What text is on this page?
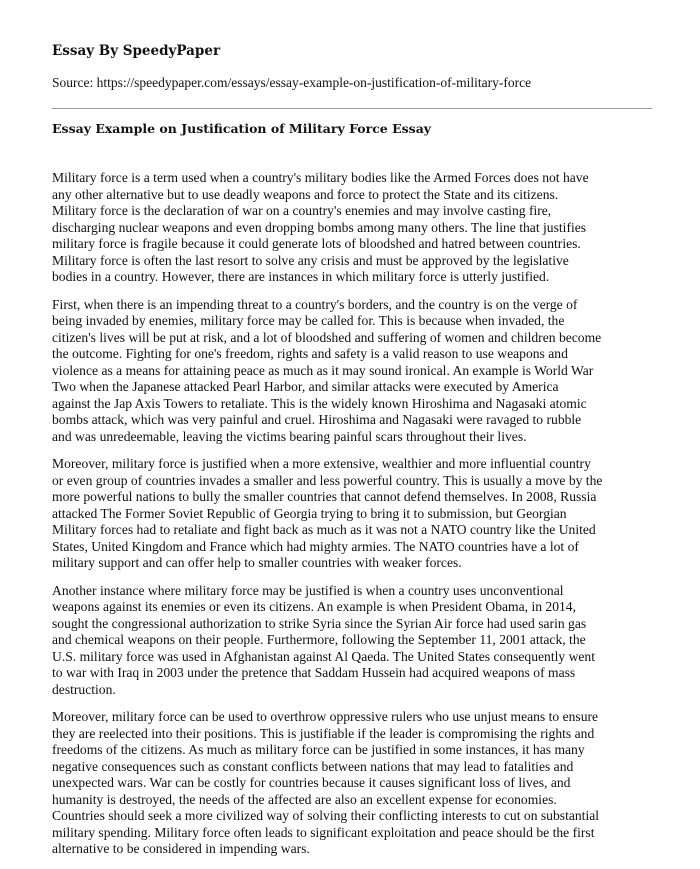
Essay By SpeedyPaper
Source: https://speedypaper.com/essays/essay-example-on-justification-of-military-force
Essay Example on Justification of Military Force Essay

Military force is a term used when a country's military bodies like the Armed Forces does not have
any other alternative but to use deadly weapons and force to protect the State and its citizens.
Military force is the declaration of war on a country's enemies and may involve casting fire,
discharging nuclear weapons and even dropping bombs among many others. The line that justifies
military force is fragile because it could generate lots of bloodshed and hatred between countries.
Military force is often the last resort to solve any crisis and must be approved by the legislative
bodies in a country. However, there are instances in which military force is utterly justified.

First, when there is an impending threat to a country's borders, and the country is on the verge of
being invaded by enemies, military force may be called for. This is because when invaded, the
citizen's lives will be put at risk, and a lot of bloodshed and suffering of women and children become
the outcome. Fighting for one's freedom, rights and safety is a valid reason to use weapons and
violence as a means for attaining peace as much as it may sound ironical. An example is World War
Two when the Japanese attacked Pearl Harbor, and similar attacks were executed by America
against the Jap Axis Towers to retaliate. This is the widely known Hiroshima and Nagasaki atomic
bombs attack, which was very painful and cruel. Hiroshima and Nagasaki were ravaged to rubble
and was unredeemable, leaving the victims bearing painful scars throughout their lives.

Moreover, military force is justified when a more extensive, wealthier and more influential country
or even group of countries invades a smaller and less powerful country. This is usually a move by the
more powerful nations to bully the smaller countries that cannot defend themselves. In 2008, Russia
attacked The Former Soviet Republic of Georgia trying to bring it to submission, but Georgian
Military forces had to retaliate and fight back as much as it was not a NATO country like the United
States, United Kingdom and France which had mighty armies. The NATO countries have a lot of
military support and can offer help to smaller countries with weaker forces.

Another instance where military force may be justified is when a country uses unconventional
weapons against its enemies or even its citizens. An example is when President Obama, in 2014,
sought the congressional authorization to strike Syria since the Syrian Air force had used sarin gas
and chemical weapons on their people. Furthermore, following the September 11, 2001 attack, the
U.S. military force was used in Afghanistan against Al Qaeda. The United States consequently went
to war with Iraq in 2003 under the pretence that Saddam Hussein had acquired weapons of mass
destruction.

Moreover, military force can be used to overthrow oppressive rulers who use unjust means to ensure
they are reelected into their positions. This is justifiable if the leader is compromising the rights and
freedoms of the citizens. As much as military force can be justified in some instances, it has many
negative consequences such as constant conflicts between nations that may lead to fatalities and
unexpected wars. War can be costly for countries because it causes significant loss of lives, and
humanity is destroyed, the needs of the affected are also an excellent expense for economies.
Countries should seek a more civilized way of solving their conflicting interests to cut on substantial
military spending. Military force often leads to significant exploitation and peace should be the first
alternative to be considered in impending wars.
